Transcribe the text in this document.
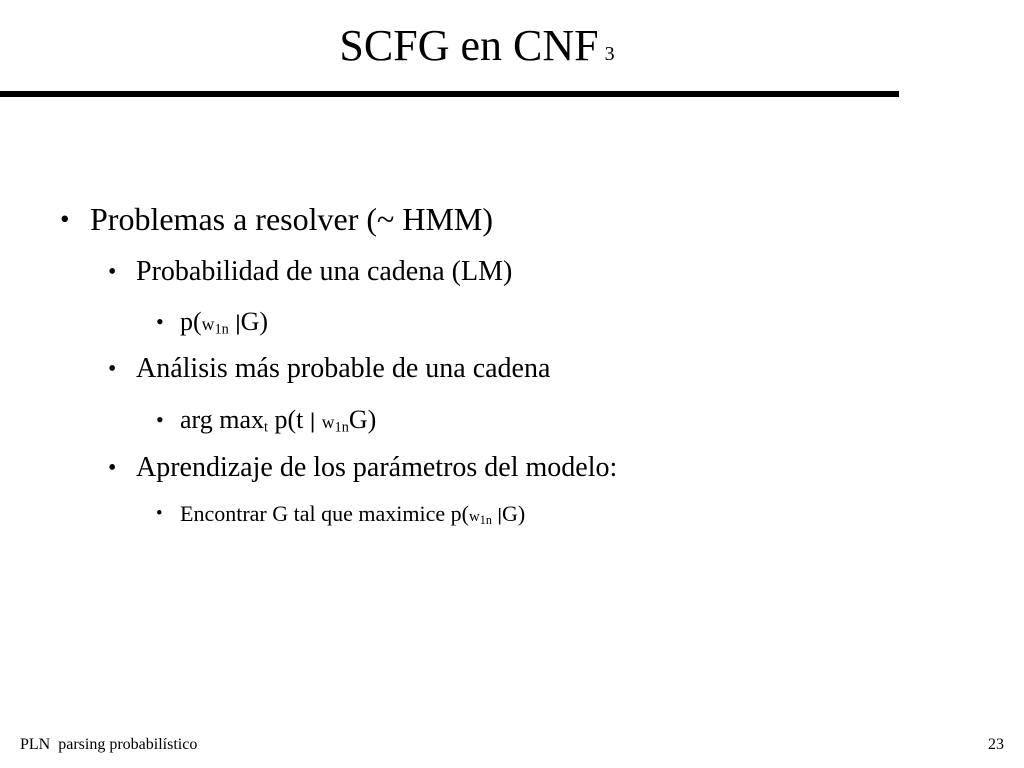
SCFG en CNF 3
• Problemas a resolver (~ HMM)
• Probabilidad de una cadena (LM)
• $p(w_{1n}$ |G)
• Análisis más probable de una cadena
• arg $\max_t p(t$ | $w_{1n}G$)
• Aprendizaje de los parámetros del modelo:
• Encontrar G tal que maximice $p(w_{1n}$ |G)
PLN  parsing probabilístico	23
